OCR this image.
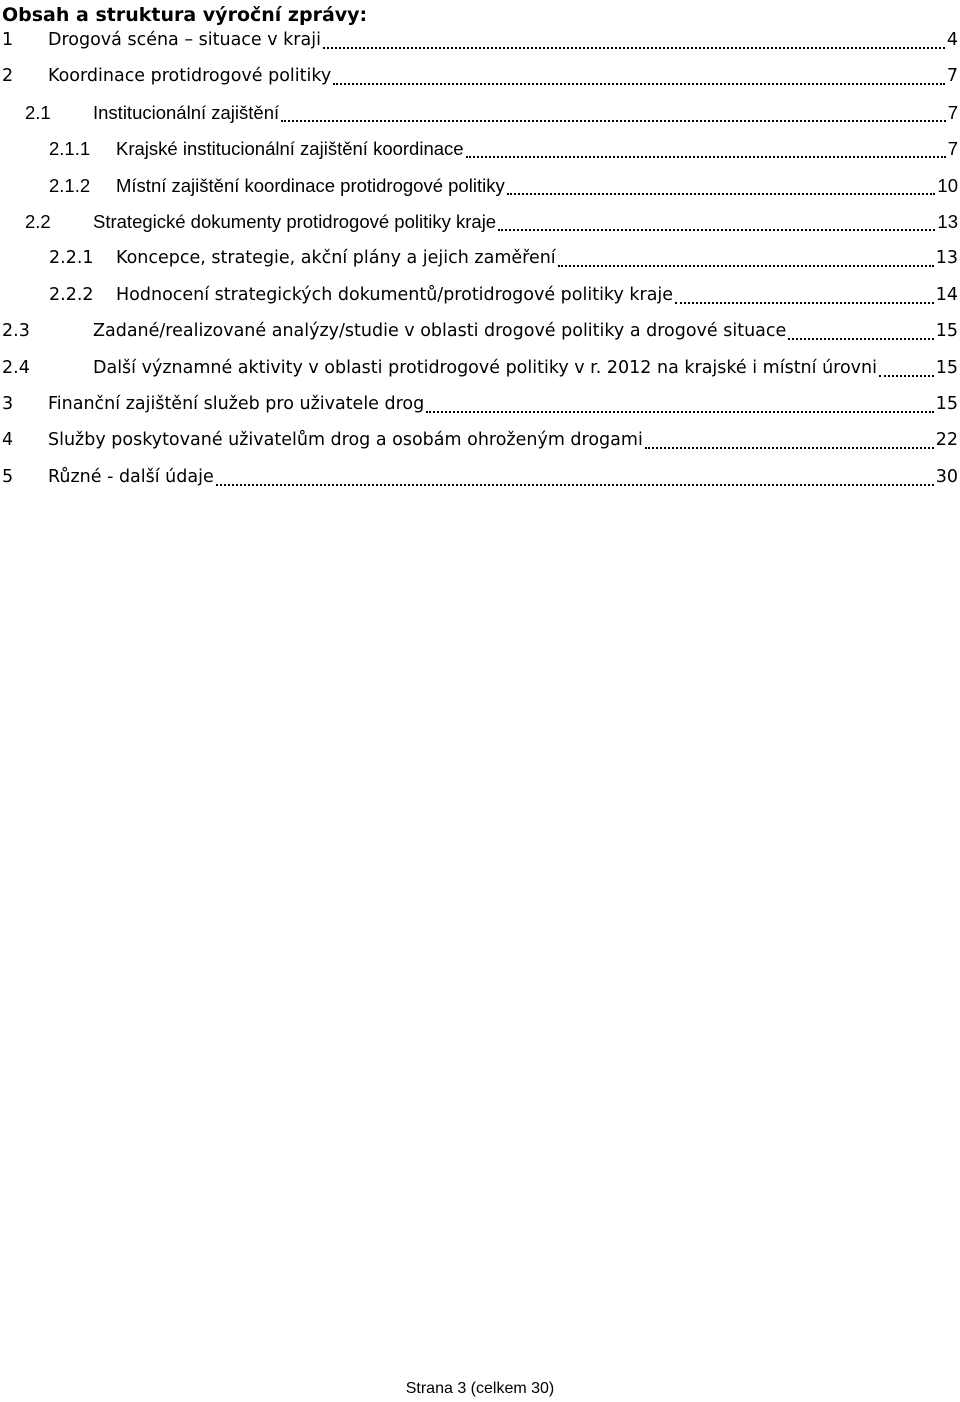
Obsah a struktura výroční zprávy:
1 Drogová scéna – situace v kraji	4
2 Koordinace protidrogové politiky	7
2.1 Institucionální zajištění	7
2.1.1 Krajské institucionální zajištění koordinace	7
2.1.2 Místní zajištění koordinace protidrogové politiky	10
2.2 Strategické dokumenty protidrogové politiky kraje	13
2.2.1 Koncepce, strategie, akční plány a jejich zaměření	13
2.2.2 Hodnocení strategických dokumentů/protidrogové politiky kraje	14
2.3	Zadané/realizované analýzy/studie v oblasti drogové politiky a drogové situace	15
2.4	Další významné aktivity v oblasti protidrogové politiky v r. 2012 na krajské i místní úrovni	15
3 Finanční zajištění služeb pro uživatele drog	15
4 Služby poskytované uživatelům drog a osobám ohroženým drogami	22
5 Různé - další údaje	30
Strana 3 (celkem 30)
